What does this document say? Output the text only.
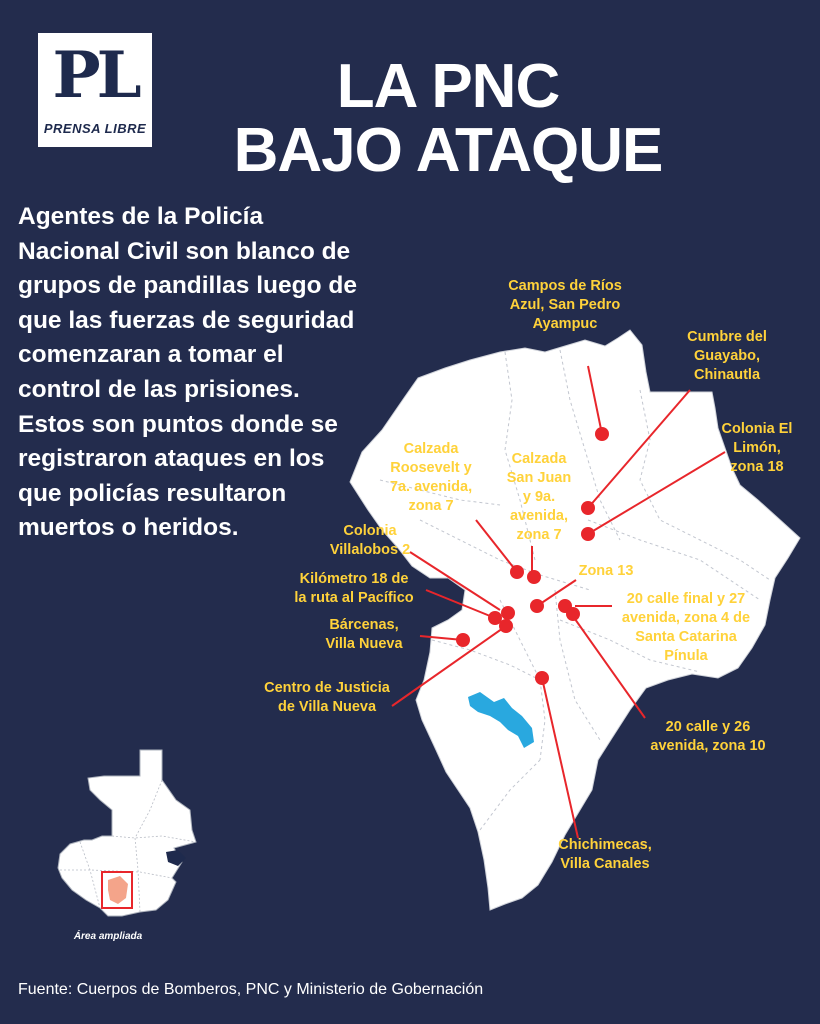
PL
PRENSA LIBRE
LA PNC
BAJO ATAQUE
Agentes de la Policía Nacional Civil son blanco de grupos de pandillas luego de que las fuerzas de seguridad comenzaran a tomar el control de las prisiones. Estos son puntos donde se registraron ataques en los que policías resultaron muertos o heridos.
Campos de Ríos
Azul, San Pedro
Ayampuc
Cumbre del
Guayabo,
Chinautla
Colonia El
Limón,
zona 18
Calzada
Roosevelt y
7a. avenida,
zona 7
Calzada
San Juan
y 9a.
avenida,
zona 7
Colonia
Villalobos 2
Zona 13
Kilómetro 18 de
la ruta al Pacífico	20 calle final y 27
avenida, zona 4 de
Santa Catarina
Pínula
Bárcenas,
Villa Nueva
Centro de Justicia
de Villa Nueva
20 calle y 26
avenida, zona 10
Chichimecas,
Villa Canales
Área ampliada
Fuente: Cuerpos de Bomberos, PNC y Ministerio de Gobernación
